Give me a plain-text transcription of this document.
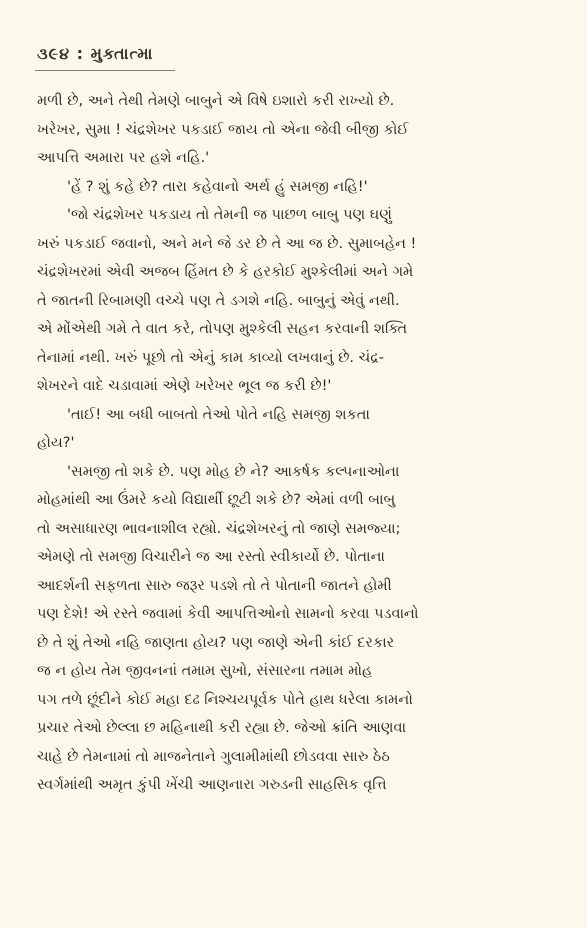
૩૯૪ : મુક્તાત્મા
મળી છે, અને તેથી તેમણે બાબુને એ વિષે ઇશારો કરી રાખ્યો છે.
ખરેખર, સુમા ! ચંદ્રશેખર પકડાઈ જાય તો એના જેવી બીજી કોઈ
આપત્તિ અમારા પર હશે નહિ.'
'હેં ? શું કહે છે? તારા કહેવાનો અર્થ હું સમજી નહિ!'
'જો ચંદ્રશેખર પકડાય તો તેમની જ પાછળ બાબુ પણ ઘણું
ખરું પકડાઈ જવાનો, અને મને જે ડર છે તે આ જ છે. સુમાબહેન !
ચંદ્રશેખરમાં એવી અજબ હિંમત છે કે હરકોઈ મુશ્કેલીમાં અને ગમે
તે જાતની રિબામણી વચ્ચે પણ તે ડગશે નહિ. બાબુનું એવું નથી.
એ મોંએથી ગમે તે વાત કરે, તોપણ મુશ્કેલી સહન કરવાની શક્તિ
તેનામાં નથી. ખરું પૂછો તો એનું કામ કાવ્યો લખવાનું છે. ચંદ્ર-
શેખરને વાદે ચડાવામાં એણે ખરેખર ભૂલ જ કરી છે!'
'તાઈ! આ બધી બાબતો તેઓ પોતે નહિ સમજી શકતા
હોય?'
'સમજી તો શકે છે. પણ મોહ છે ને? આકર્ષક કલ્પનાઓના
મોહમાંથી આ ઉંમરે કયો વિદ્યાર્થી છૂટી શકે છે? એમાં વળી બાબુ
તો અસાધારણ ભાવનાશીલ રહ્યો. ચંદ્રશેખરનું તો જાણે સમજ્યા;
એમણે તો સમજી વિચારીને જ આ રસ્તો સ્વીકાર્યો છે. પોતાના
આદર્શની સફળતા સારુ જરૂર પડશે તો તે પોતાની જાતને હોમી
પણ દેશે! એ રસ્તે જવામાં કેવી આપત્તિઓનો સામનો કરવા પડવાનો
છે તે શું તેઓ નહિ જાણતા હોય? પણ જાણે એની કાંઈ દરકાર
જ ન હોય તેમ જીવનનાં તમામ સુખો, સંસારના તમામ મોહ
પગ તળે છૂંદીને કોઈ મહા દઢ નિશ્ચયપૂર્વક પોતે હાથ ધરેલા કામનો
પ્રચાર તેઓ છેલ્લા છ મહિનાથી કરી રહ્યા છે. જેઓ ક્રાંતિ આણવા
ચાહે છે તેમનામાં તો માજનેતાને ગુલામીમાંથી છોડવવા સારુ ઠેઠ
સ્વર્ગમાંથી અમૃત કુંપી ખેંચી આણનારા ગરુડની સાહસિક વૃત્તિ
